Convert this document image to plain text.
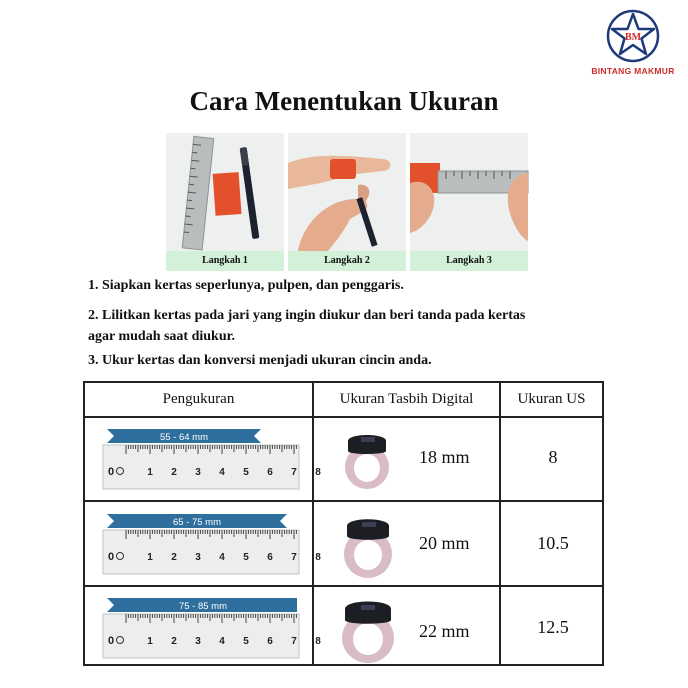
BM
BINTANG MAKMUR
Cara Menentukan Ukuran
Langkah 1	Langkah 2	Langkah 3
1. Siapkan kertas seperlunya, pulpen, dan penggaris.
2. Lilitkan kertas pada jari yang ingin diukur dan beri tanda pada kertas agar mudah saat diukur.
3. Ukur kertas dan konversi menjadi ukuran cincin anda.
Pengukuran	Ukuran Tasbih Digital	Ukuran US
0	1 2 3 4 5 6 7 8
55 - 64 mm
18 mm	8
0	1 2 3 4 5 6 7 8
65 - 75 mm
20 mm	10.5
0	1 2 3 4 5 6 7 8
75 - 85 mm
22 mm	12.5
